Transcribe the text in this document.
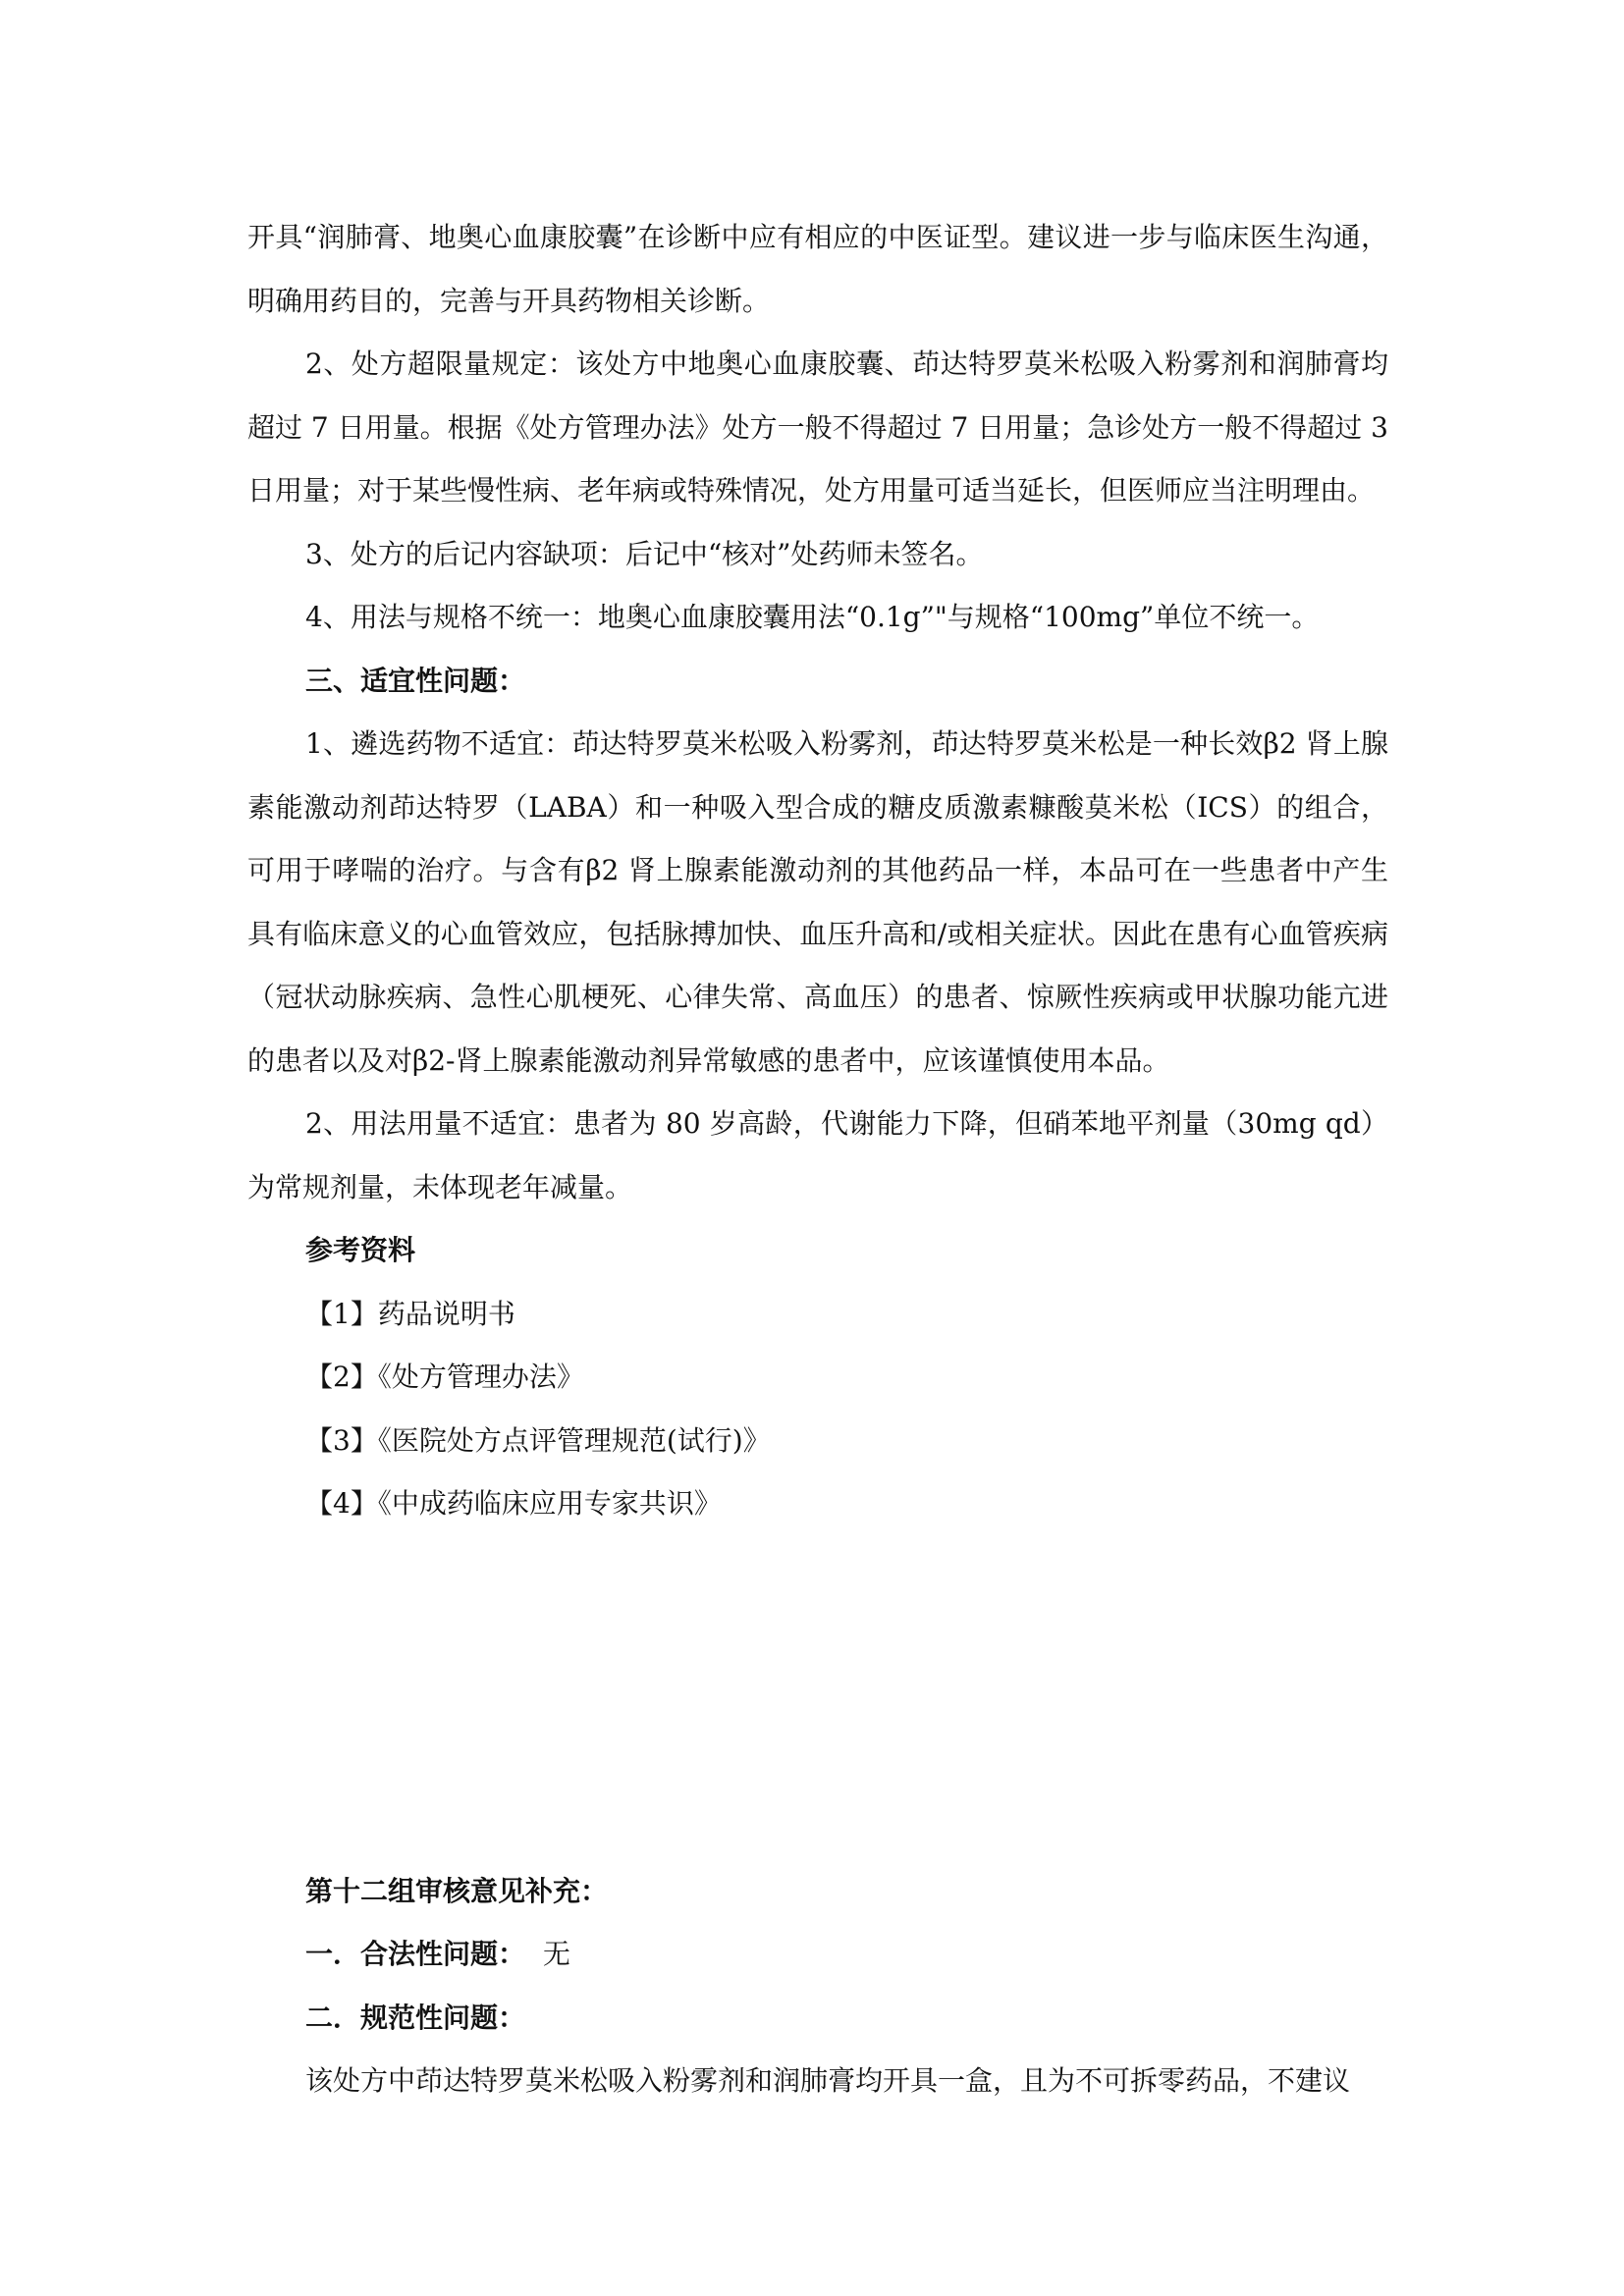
开具“润肺膏、地奥心血康胶囊”在诊断中应有相应的中医证型。建议进一步与临床医生沟通，明确用药目的，完善与开具药物相关诊断。

2、处方超限量规定：该处方中地奥心血康胶囊、茚达特罗莫米松吸入粉雾剂和润肺膏均超过 7 日用量。根据《处方管理办法》处方一般不得超过 7 日用量；急诊处方一般不得超过 3 日用量；对于某些慢性病、老年病或特殊情况，处方用量可适当延长，但医师应当注明理由。

3、处方的后记内容缺项：后记中“核对”处药师未签名。

4、用法与规格不统一：地奥心血康胶囊用法“0.1g”"与规格“100mg”单位不统一。

三、适宜性问题：

1、遴选药物不适宜：茚达特罗莫米松吸入粉雾剂，茚达特罗莫米松是一种长效β2 肾上腺素能激动剂茚达特罗（LABA）和一种吸入型合成的糖皮质激素糠酸莫米松（ICS）的组合，可用于哮喘的治疗。与含有β2 肾上腺素能激动剂的其他药品一样，本品可在一些患者中产生具有临床意义的心血管效应，包括脉搏加快、血压升高和/或相关症状。因此在患有心血管疾病（冠状动脉疾病、急性心肌梗死、心律失常、高血压）的患者、惊厥性疾病或甲状腺功能亢进的患者以及对β2-肾上腺素能激动剂异常敏感的患者中，应该谨慎使用本品。

2、用法用量不适宜：患者为 80 岁高龄，代谢能力下降，但硝苯地平剂量（30mg qd）为常规剂量，未体现老年减量。

参考资料

【1】药品说明书

【2】《处方管理办法》

【3】《医院处方点评管理规范(试行)》

【4】《中成药临床应用专家共识》

第十二组审核意见补充：

一．合法性问题：  无

二．规范性问题：

该处方中茚达特罗莫米松吸入粉雾剂和润肺膏均开具一盒，且为不可拆零药品，不建议
